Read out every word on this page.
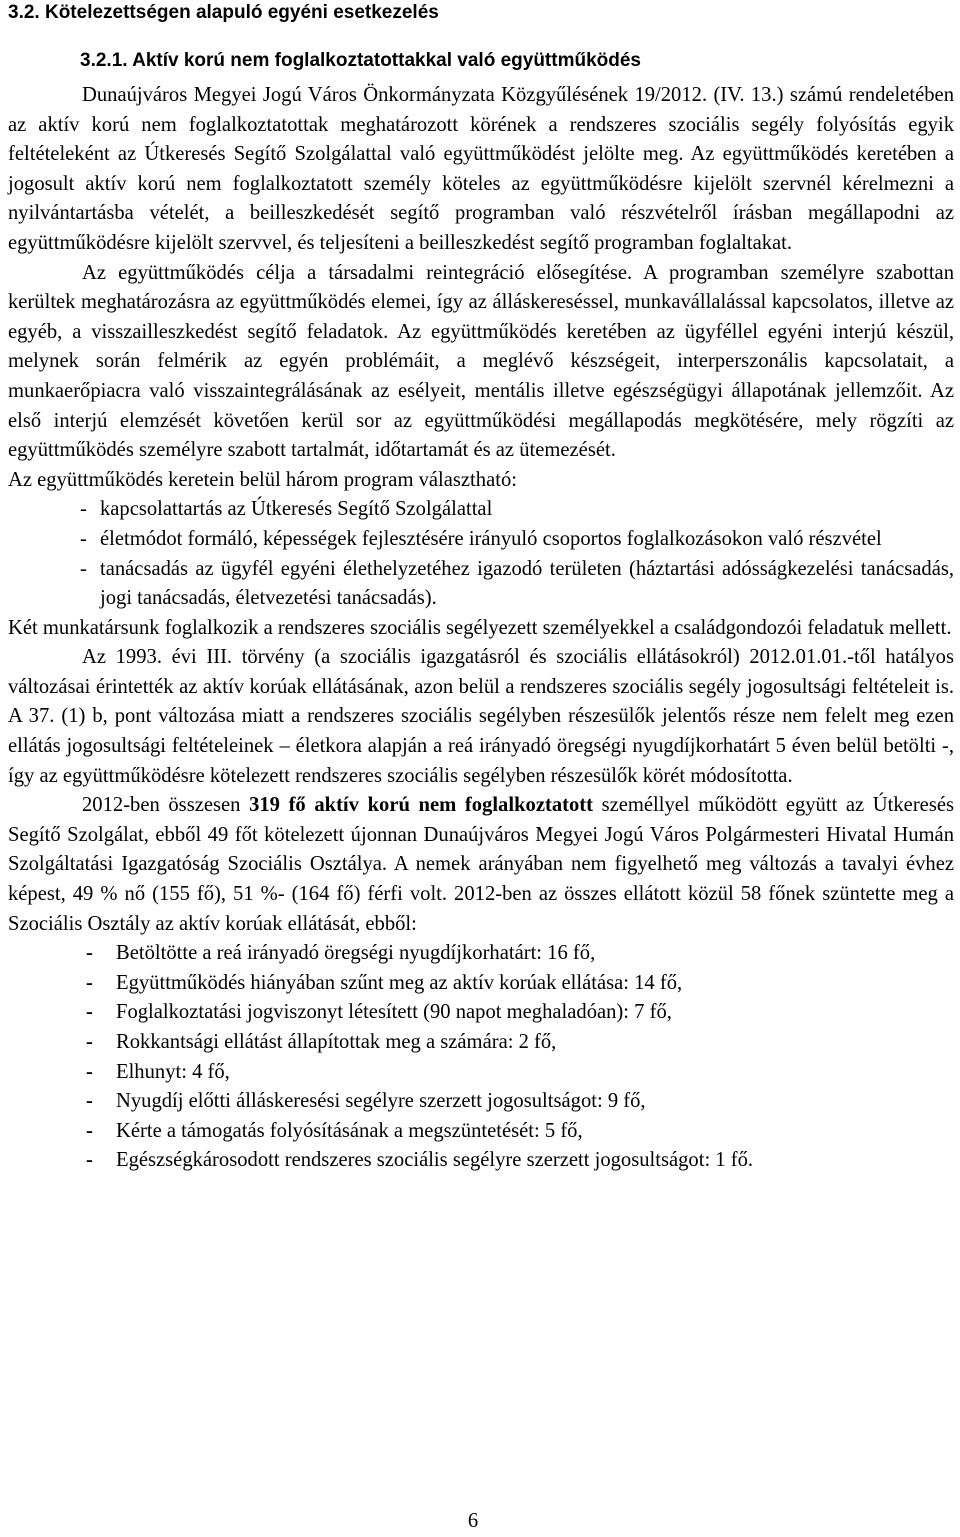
3.2. Kötelezettségen alapuló egyéni esetkezelés
3.2.1. Aktív korú nem foglalkoztatottakkal való együttműködés

Dunaújváros Megyei Jogú Város Önkormányzata Közgyűlésének 19/2012. (IV. 13.) számú rendeletében az aktív korú nem foglalkoztatottak meghatározott körének a rendszeres szociális segély folyósítás egyik feltételeként az Útkeresés Segítő Szolgálattal való együttműködést jelölte meg. Az együttműködés keretében a jogosult aktív korú nem foglalkoztatott személy köteles az együttműködésre kijelölt szervnél kérelmezni a nyilvántartásba vételét, a beilleszkedését segítő programban való részvételről írásban megállapodni az együttműködésre kijelölt szervvel, és teljesíteni a beilleszkedést segítő programban foglaltakat.

Az együttműködés célja a társadalmi reintegráció elősegítése. A programban személyre szabottan kerültek meghatározásra az együttműködés elemei, így az álláskereséssel, munkavállalással kapcsolatos, illetve az egyéb, a visszailleszkedést segítő feladatok. Az együttműködés keretében az ügyféllel egyéni interjú készül, melynek során felmérik az egyén problémáit, a meglévő készségeit, interperszonális kapcsolatait, a munkaerőpiacra való visszaintegrálásának az esélyeit, mentális illetve egészségügyi állapotának jellemzőit. Az első interjú elemzését követően kerül sor az együttműködési megállapodás megkötésére, mely rögzíti az együttműködés személyre szabott tartalmát, időtartamát és az ütemezését.

Az együttműködés keretein belül három program választható:

- kapcsolattartás az Útkeresés Segítő Szolgálattal
- életmódot formáló, képességek fejlesztésére irányuló csoportos foglalkozásokon való részvétel
- tanácsadás az ügyfél egyéni élethelyzetéhez igazodó területen (háztartási adósságkezelési tanácsadás, jogi tanácsadás, életvezetési tanácsadás).

Két munkatársunk foglalkozik a rendszeres szociális segélyezett személyekkel a családgondozói feladatuk mellett.

Az 1993. évi III. törvény (a szociális igazgatásról és szociális ellátásokról) 2012.01.01.-től hatályos változásai érintették az aktív korúak ellátásának, azon belül a rendszeres szociális segély jogosultsági feltételeit is. A 37. (1) b, pont változása miatt a rendszeres szociális segélyben részesülők jelentős része nem felelt meg ezen ellátás jogosultsági feltételeinek – életkora alapján a reá irányadó öregségi nyugdíjkorhatárt 5 éven belül betölti -, így az együttműködésre kötelezett rendszeres szociális segélyben részesülők körét módosította.

2012-ben összesen 319 fő aktív korú nem foglalkoztatott személlyel működött együtt az Útkeresés Segítő Szolgálat, ebből 49 főt kötelezett újonnan Dunaújváros Megyei Jogú Város Polgármesteri Hivatal Humán Szolgáltatási Igazgatóság Szociális Osztálya. A nemek arányában nem figyelhető meg változás a tavalyi évhez képest, 49 % nő (155 fő), 51 %- (164 fő) férfi volt. 2012-ben az összes ellátott közül 58 főnek szüntette meg a Szociális Osztály az aktív korúak ellátását, ebből:

- Betöltötte a reá irányadó öregségi nyugdíjkorhatárt: 16 fő,
- Együttműködés hiányában szűnt meg az aktív korúak ellátása: 14 fő,
- Foglalkoztatási jogviszonyt létesített (90 napot meghaladóan): 7 fő,
- Rokkantsági ellátást állapítottak meg a számára: 2 fő,
- Elhunyt: 4 fő,
- Nyugdíj előtti álláskeresési segélyre szerzett jogosultságot: 9 fő,
- Kérte a támogatás folyósításának a megszüntetését: 5 fő,
- Egészségkárosodott rendszeres szociális segélyre szerzett jogosultságot: 1 fő.
6
